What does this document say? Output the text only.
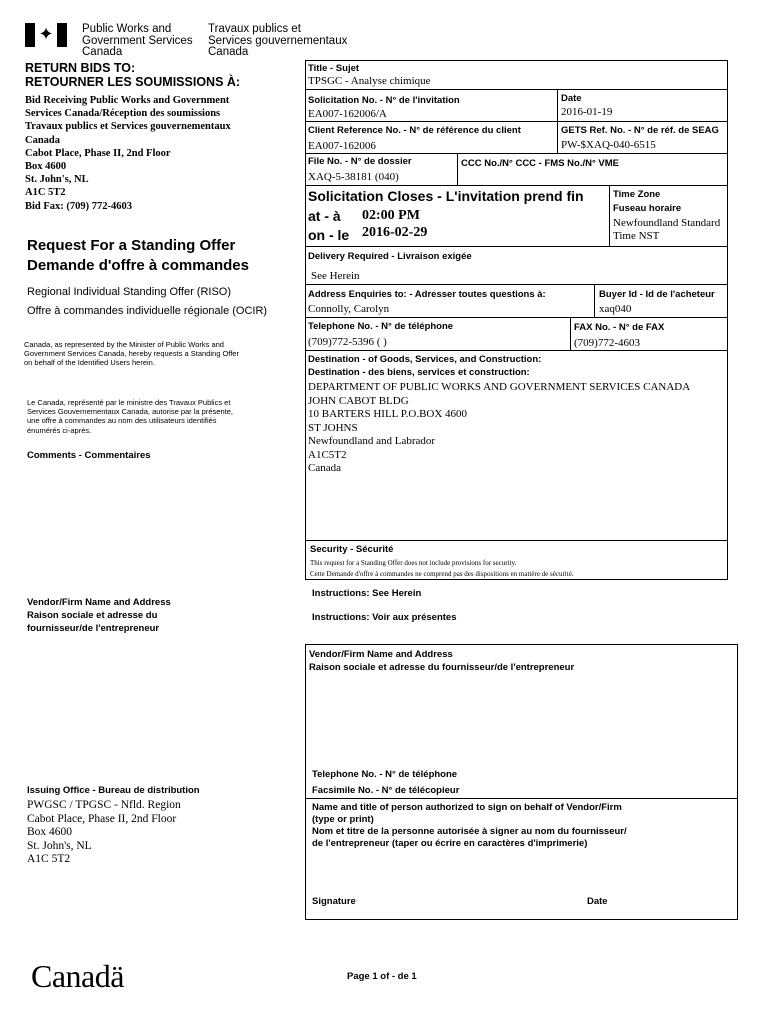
✦ Public Works and
Government Services
Canada
Travaux publics et
Services gouvernementaux
Canada
RETURN BIDS TO:
RETOURNER LES SOUMISSIONS À:
Bid Receiving Public Works and Government
Services Canada/Réception des soumissions
Travaux publics et Services gouvernementaux
Canada
Cabot Place, Phase II, 2nd Floor
Box 4600
St. John's, NL
A1C 5T2
Bid Fax: (709) 772-4603
Request For a Standing Offer
Demande d'offre à commandes
Regional Individual Standing Offer (RISO)
Offre à commandes individuelle régionale (OCIR)
Canada, as represented by the Minister of Public Works and
Government Services Canada, hereby requests a Standing Offer
on behalf of the Identified Users herein.
Le Canada, représenté par le ministre des Travaux Publics et
Services Gouvernementaux Canada, autorise par la présente,
une offre à commandes au nom des utilisateurs identifiés
énumérés ci-après.
Comments - Commentaires
Vendor/Firm Name and Address
Raison sociale et adresse du
fournisseur/de l'entrepreneur
Issuing Office - Bureau de distribution
PWGSC / TPGSC - Nfld. Region
Cabot Place, Phase II, 2nd Floor
Box 4600
St. John's, NL
A1C 5T2
Title - Sujet
TPSGC - Analyse chimique
Solicitation No. - N° de l'invitation
EA007-162006/A
Date
2016-01-19
Client Reference No. - N° de référence du client
EA007-162006
GETS Ref. No. - N° de réf. de SEAG
PW-$XAQ-040-6515
File No. - N° de dossier
XAQ-5-38181 (040)
CCC No./N° CCC - FMS No./N° VME
Solicitation Closes - L'invitation prend fin
at - à 02:00 PM
on - le 2016-02-29
Time Zone
Fuseau horaire
Newfoundland Standard
Time NST
Delivery Required - Livraison exigée
See Herein
Address Enquiries to: - Adresser toutes questions à:
Connolly, Carolyn
Buyer Id - Id de l'acheteur
xaq040
Telephone No. - N° de téléphone
(709)772-5396 ( )
FAX No. - N° de FAX
(709)772-4603
Destination - of Goods, Services, and Construction:
Destination - des biens, services et construction:
DEPARTMENT OF PUBLIC WORKS AND GOVERNMENT SERVICES CANADA
JOHN CABOT BLDG
10 BARTERS HILL P.O.BOX 4600
ST JOHNS
Newfoundland and Labrador
A1C5T2
Canada
Security - Sécurité
This request for a Standing Offer does not include provisions for security.
Cette Demande d'offre à commandes ne comprend pas des dispositions en matière de sécurité.
Instructions: See Herein
Instructions: Voir aux présentes
Vendor/Firm Name and Address
Raison sociale et adresse du fournisseur/de l'entrepreneur
Telephone No. - N° de téléphone
Facsimile No. - N° de télécopieur
Name and title of person authorized to sign on behalf of Vendor/Firm
(type or print)
Nom et titre de la personne autorisée à signer au nom du fournisseur/
de l'entrepreneur (taper ou écrire en caractères d'imprimerie)
Signature	Date
Canadä	Page 1 of - de 1
